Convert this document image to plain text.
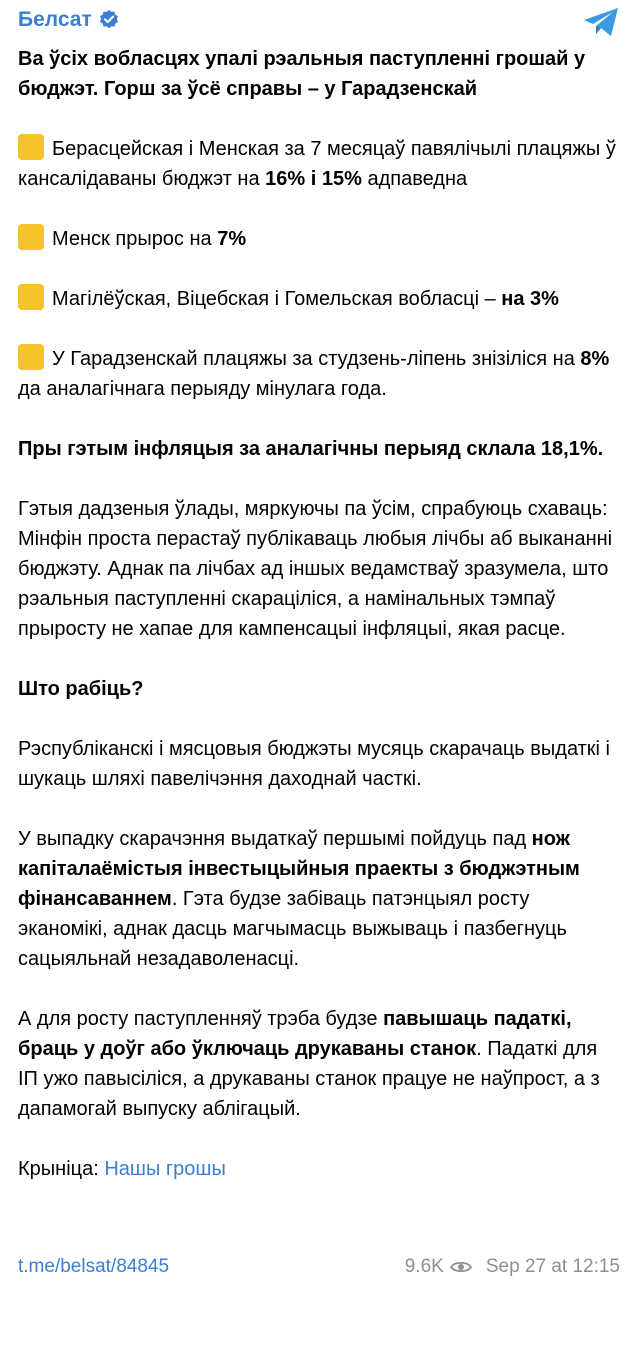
Белсат

Ва ўсіх вобласцях упалі рэальныя паступленні грошай у бюджэт. Горш за ўсё справы – у Гарадзенскай

Берасцейская і Менская за 7 месяцаў павялічылі плацяжы ў кансалідаваны бюджэт на 16% і 15% адпаведна

Менск прырос на 7%

Магілёўская, Віцебская і Гомельская вобласці – на 3%

У Гарадзенскай плацяжы за студзень-ліпень знізіліся на 8% да аналагічнага перыяду мінулага года.

Пры гэтым інфляцыя за аналагічны перыяд склала 18,1%.

Гэтыя дадзеныя ўлады, мяркуючы па ўсім, спрабуюць схаваць: Мінфін проста перастаў публікаваць любыя лічбы аб выкананні бюджэту. Аднак па лічбах ад іншых ведамстваў зразумела, што рэальныя паступленні скараціліся, а намінальных тэмпаў прыросту не хапае для кампенсацыі інфляцыі, якая расце.

Што рабіць?

Рэспубліканскі і мясцовыя бюджэты мусяць скарачаць выдаткі і шукаць шляхі павелічэння даходнай часткі.

У выпадку скарачэння выдаткаў першымі пойдуць пад нож капіталаёмістыя інвестыцыйныя праекты з бюджэтным фінансаваннем. Гэта будзе забіваць патэнцыял росту эканомікі, аднак дасць магчымасць выжываць і пазбегнуць сацыяльнай незадаволенасці.

А для росту паступленняў трэба будзе павышаць падаткі, браць у доўг або ўключаць друкаваны станок. Падаткі для ІП ужо павысіліся, а друкаваны станок працуе не наўпрост, а з дапамогай выпуску аблігацый.

Крыніца: Нашы грошы

t.me/belsat/84845	9.6K Sep 27 at 12:15
